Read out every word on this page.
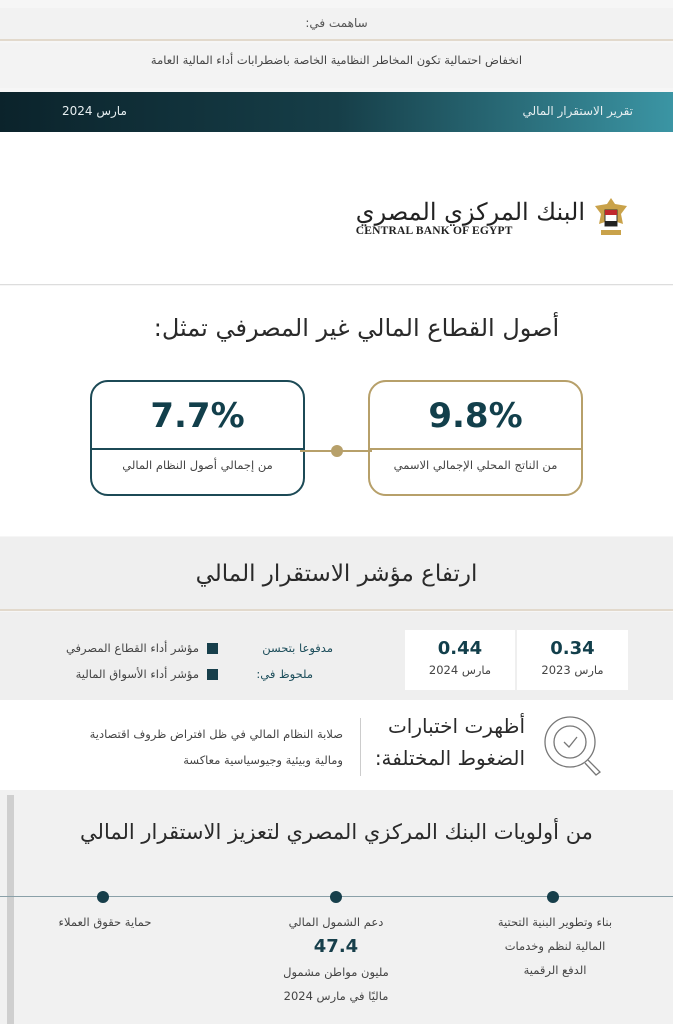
ساهمت في:
انخفاض احتمالية تكون المخاطر النظامية الخاصة باضطرابات أداء المالية العامة
تقرير الاستقرار المالي
مارس 2024
البنك المركزي المصري
CENTRAL BANK OF EGYPT
أصول القطاع المالي غير المصرفي تمثل:
9.8%
من الناتج المحلي الإجمالي الاسمي
7.7%
من إجمالي أصول النظام المالي
ارتفاع مؤشر الاستقرار المالي
0.34
مارس 2023
0.44
مارس 2024
مدفوعا بتحسن
ملحوظ في:
مؤشر أداء القطاع المصرفي
مؤشر أداء الأسواق المالية
أظهرت اختبارات
الضغوط المختلفة:
صلابة النظام المالي في ظل افتراض ظروف اقتصادية
ومالية وبيئية وجيوسياسية معاكسة
من أولويات البنك المركزي المصري لتعزيز الاستقرار المالي
بناء وتطوير البنية التحتية
المالية لنظم وخدمات
الدفع الرقمية
دعم الشمول المالي
47.4
مليون مواطن مشمول
ماليًا في مارس 2024
حماية حقوق العملاء
